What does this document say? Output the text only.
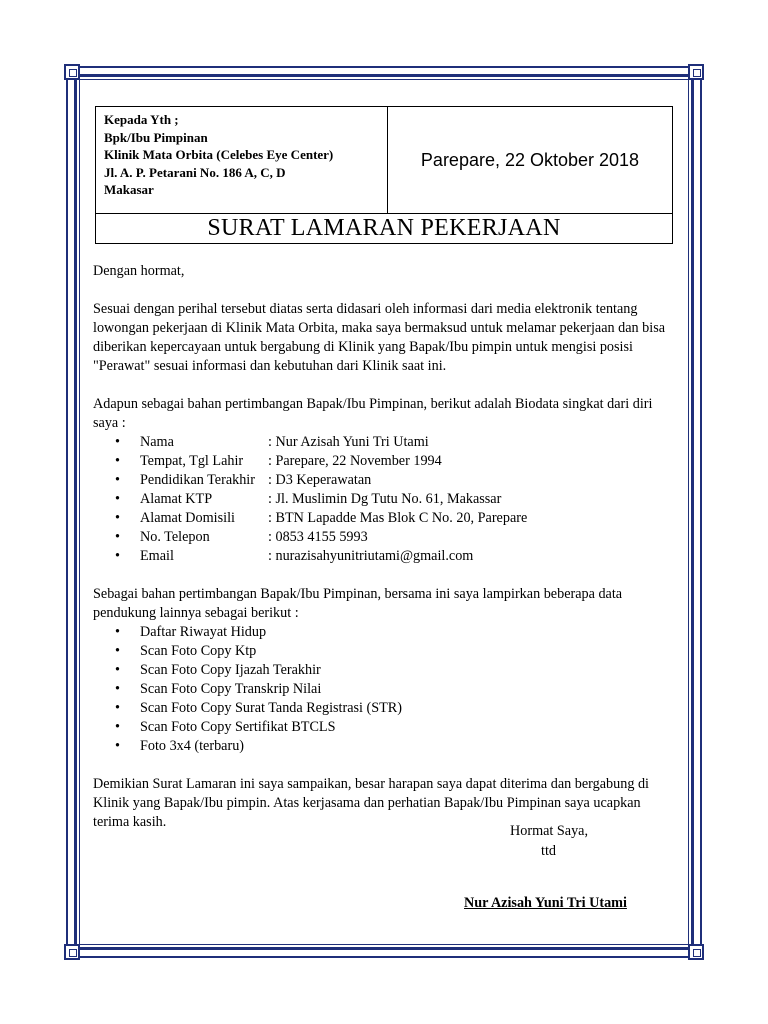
Kepada Yth ;
Bpk/Ibu Pimpinan
Klinik Mata Orbita (Celebes Eye Center)
Jl. A. P. Petarani No. 186 A, C, D
Makasar
Parepare, 22 Oktober 2018
SURAT LAMARAN PEKERJAAN

Dengan hormat,

Sesuai dengan perihal tersebut diatas serta didasari oleh informasi dari media elektronik tentang lowongan pekerjaan di Klinik Mata Orbita, maka saya bermaksud untuk melamar pekerjaan dan bisa diberikan kepercayaan untuk bergabung di Klinik yang Bapak/Ibu pimpin untuk mengisi posisi "Perawat" sesuai informasi dan kebutuhan dari Klinik saat ini.

Adapun sebagai bahan pertimbangan Bapak/Ibu Pimpinan, berikut adalah Biodata singkat dari diri saya :

• Nama	: Nur Azisah Yuni Tri Utami
• Tempat, Tgl Lahir : Parepare, 22 November 1994
• Pendidikan Terakhir : D3 Keperawatan
• Alamat KTP	: Jl. Muslimin Dg Tutu No. 61, Makassar
• Alamat Domisili : BTN Lapadde Mas Blok C No. 20, Parepare
• No. Telepon	: 0853 4155 5993
• Email	: nurazisahyunitriutami@gmail.com

Sebagai bahan pertimbangan Bapak/Ibu Pimpinan, bersama ini saya lampirkan beberapa data pendukung lainnya sebagai berikut :

• Daftar Riwayat Hidup
• Scan Foto Copy Ktp
• Scan Foto Copy Ijazah Terakhir
• Scan Foto Copy Transkrip Nilai
• Scan Foto Copy Surat Tanda Registrasi (STR)
• Scan Foto Copy Sertifikat BTCLS
• Foto 3x4 (terbaru)

Demikian Surat Lamaran ini saya sampaikan, besar harapan saya dapat diterima dan bergabung di Klinik yang Bapak/Ibu pimpin. Atas kerjasama dan perhatian Bapak/Ibu Pimpinan saya ucapkan terima kasih.

Hormat Saya,
ttd
Nur Azisah Yuni Tri Utami
